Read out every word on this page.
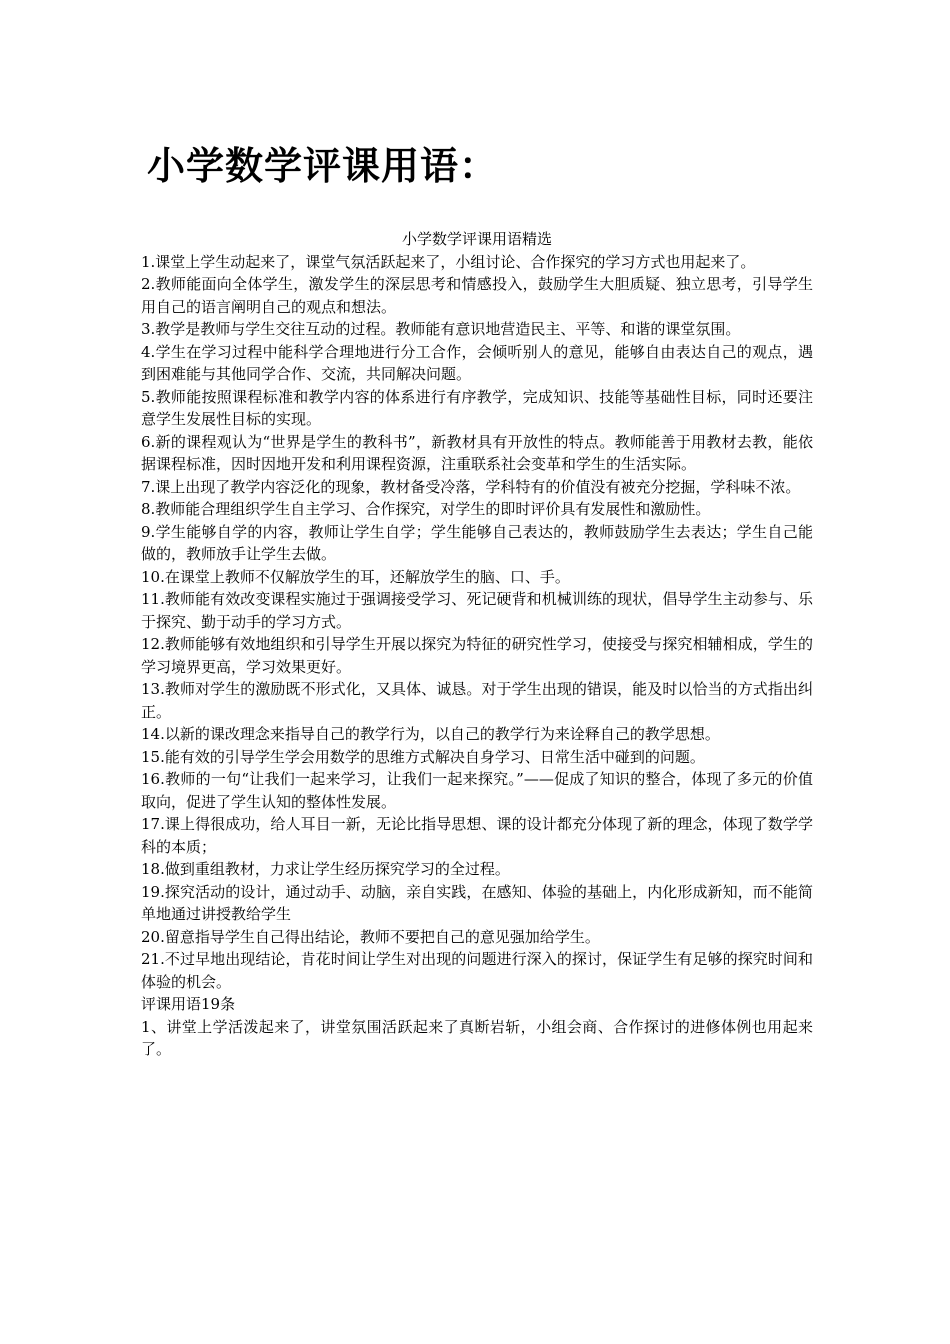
小学数学评课用语：

小学数学评课用语精选

1.课堂上学生动起来了，课堂气氛活跃起来了，小组讨论、合作探究的学习方式也用起来了。

2.教师能面向全体学生，激发学生的深层思考和情感投入，鼓励学生大胆质疑、独立思考，引导学生用自己的语言阐明自己的观点和想法。

3.教学是教师与学生交往互动的过程。教师能有意识地营造民主、平等、和谐的课堂氛围。

4.学生在学习过程中能科学合理地进行分工合作，会倾听别人的意见，能够自由表达自己的观点，遇到困难能与其他同学合作、交流，共同解决问题。

5.教师能按照课程标准和教学内容的体系进行有序教学，完成知识、技能等基础性目标，同时还要注意学生发展性目标的实现。

6.新的课程观认为“世界是学生的教科书”，新教材具有开放性的特点。教师能善于用教材去教，能依据课程标准，因时因地开发和利用课程资源，注重联系社会变革和学生的生活实际。

7.课上出现了教学内容泛化的现象，教材备受冷落，学科特有的价值没有被充分挖掘，学科味不浓。

8.教师能合理组织学生自主学习、合作探究，对学生的即时评价具有发展性和激励性。

9.学生能够自学的内容，教师让学生自学；学生能够自己表达的，教师鼓励学生去表达；学生自己能做的，教师放手让学生去做。

10.在课堂上教师不仅解放学生的耳，还解放学生的脑、口、手。

11.教师能有效改变课程实施过于强调接受学习、死记硬背和机械训练的现状，倡导学生主动参与、乐于探究、勤于动手的学习方式。

12.教师能够有效地组织和引导学生开展以探究为特征的研究性学习，使接受与探究相辅相成，学生的学习境界更高，学习效果更好。

13.教师对学生的激励既不形式化，又具体、诚恳。对于学生出现的错误，能及时以恰当的方式指出纠正。

14.以新的课改理念来指导自己的教学行为，以自己的教学行为来诠释自己的教学思想。

15.能有效的引导学生学会用数学的思维方式解决自身学习、日常生活中碰到的问题。

16.教师的一句“让我们一起来学习，让我们一起来探究。”——促成了知识的整合，体现了多元的价值取向，促进了学生认知的整体性发展。

17.课上得很成功，给人耳目一新，无论比指导思想、课的设计都充分体现了新的理念，体现了数学学科的本质；

18.做到重组教材，力求让学生经历探究学习的全过程。

19.探究活动的设计，通过动手、动脑，亲自实践，在感知、体验的基础上，内化形成新知，而不能简单地通过讲授教给学生

20.留意指导学生自己得出结论，教师不要把自己的意见强加给学生。

21.不过早地出现结论，肯花时间让学生对出现的问题进行深入的探讨，保证学生有足够的探究时间和体验的机会。

评课用语19条

1、讲堂上学活泼起来了，讲堂氛围活跃起来了真断岩斩，小组会商、合作探讨的进修体例也用起来了。
